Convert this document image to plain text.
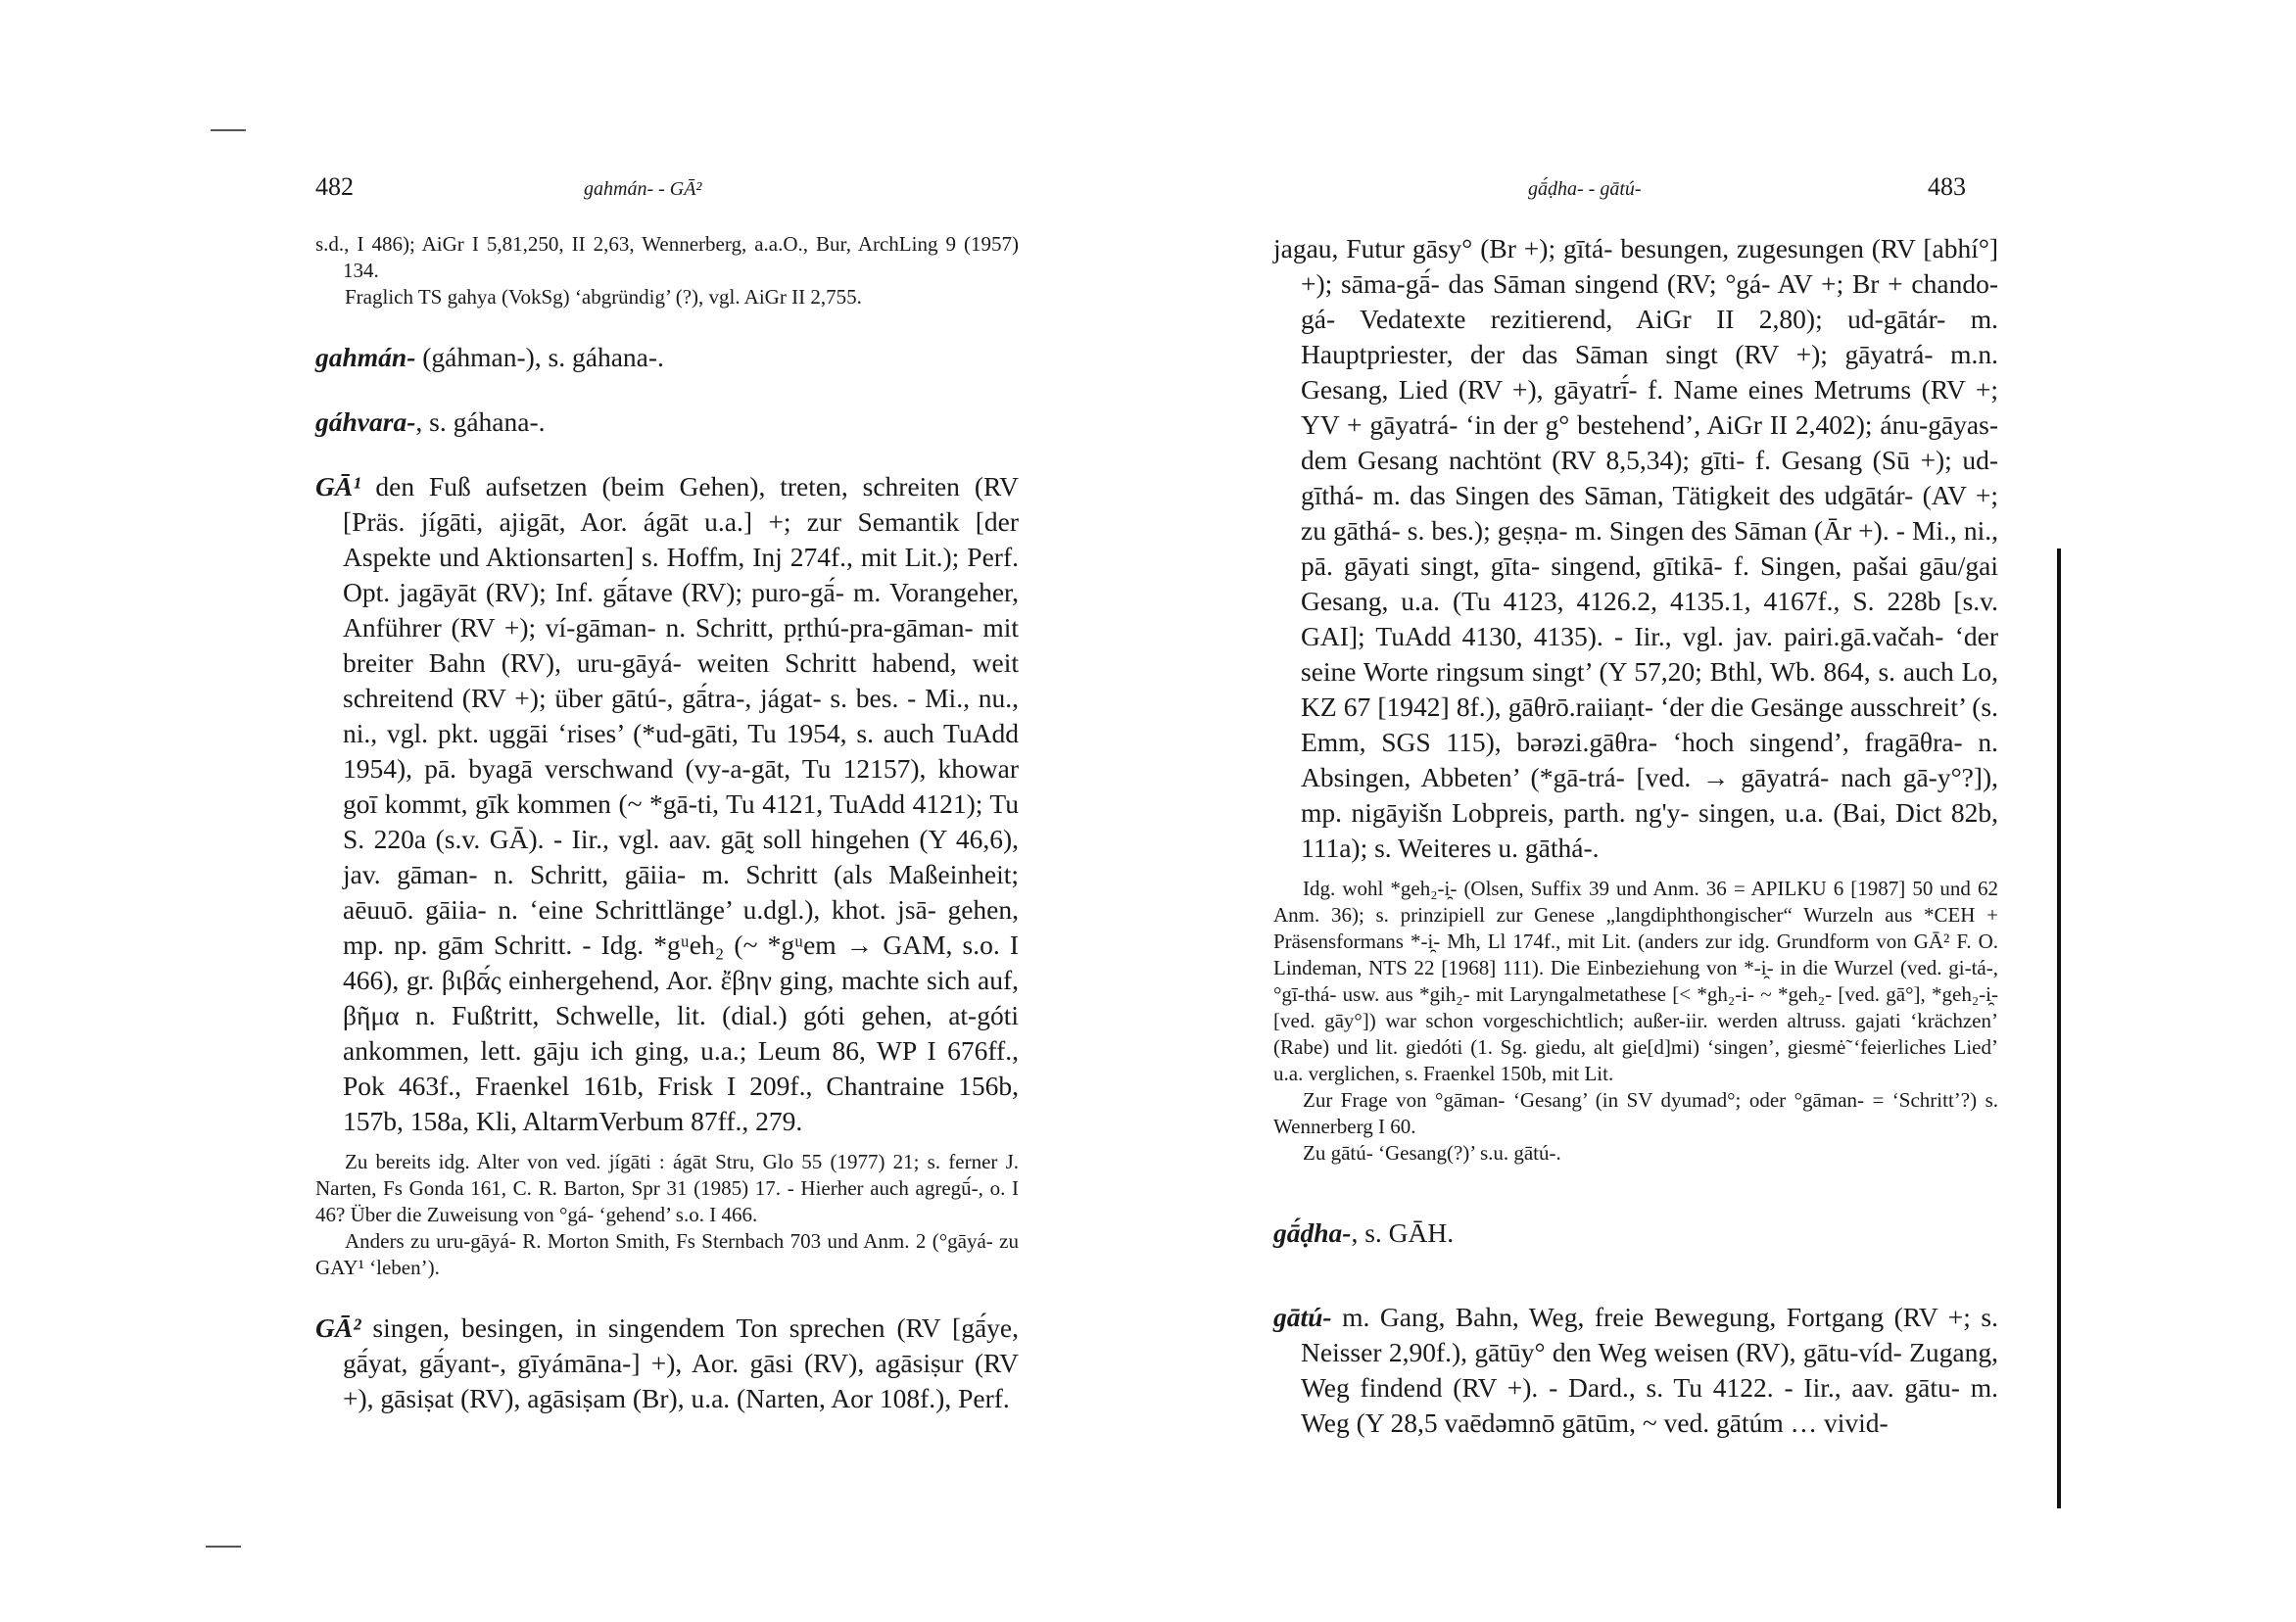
482	gahmán- - GĀ²

s.d., I 486); AiGr I 5,81,250, II 2,63, Wennerberg, a.a.O., Bur, ArchLing 9 (1957) 134.

Fraglich TS gahya (VokSg) ‘abgründig’ (?), vgl. AiGr II 2,755.

gahmán- (gáhman-), s. gáhana-.

gáhvara-, s. gáhana-.

GĀ¹ den Fuß aufsetzen (beim Gehen), treten, schreiten (RV [Präs. jígāti, ajigāt, Aor. ágāt u.a.] +; zur Semantik [der Aspekte und Aktionsarten] s. Hoffm, Inj 274f., mit Lit.); Perf. Opt. jagāyāt (RV); Inf. gā́tave (RV); puro-gā́- m. Vorangeher, Anführer (RV +); ví-gāman- n. Schritt, pṛthú-pra-gāman- mit breiter Bahn (RV), uru-gāyá- weiten Schritt habend, weit schreitend (RV +); über gātú-, gā́tra-, jágat- s. bes. - Mi., nu., ni., vgl. pkt. uggāi ‘rises’ (*ud-gāti, Tu 1954, s. auch TuAdd 1954), pā. byagā verschwand (vy-a-gāt, Tu 12157), khowar goī kommt, gīk kommen (~ *gā-ti, Tu 4121, TuAdd 4121); Tu S. 220a (s.v. GĀ). - Iir., vgl. aav. gāt̰ soll hingehen (Y 46,6), jav. gāman- n. Schritt, gāiia- m. Schritt (als Maßeinheit; aēuuō. gāiia- n. ‘eine Schrittlänge’ u.dgl.), khot. jsā- gehen, mp. np. gām Schritt. - Idg. *gᵘeh₂ (~ *gᵘem → GAM, s.o. I 466), gr. βιβᾱ́ς einhergehend, Aor. ἔβην ging, machte sich auf, βῆμα n. Fußtritt, Schwelle, lit. (dial.) góti gehen, at-góti ankommen, lett. gāju ich ging, u.a.; Leum 86, WP I 676ff., Pok 463f., Fraenkel 161b, Frisk I 209f., Chantraine 156b, 157b, 158a, Kli, AltarmVerbum 87ff., 279.

Zu bereits idg. Alter von ved. jígāti : ágāt Stru, Glo 55 (1977) 21; s. ferner J. Narten, Fs Gonda 161, C. R. Barton, Spr 31 (1985) 17. - Hierher auch agregū́-, o. I 46? Über die Zuweisung von °gá- ‘gehend’ s.o. I 466.

Anders zu uru-gāyá- R. Morton Smith, Fs Sternbach 703 und Anm. 2 (°gāyá- zu GAY¹ ‘leben’).

GĀ² singen, besingen, in singendem Ton sprechen (RV [gā́ye, gā́yat, gā́yant-, gīyámāna-] +), Aor. gāsi (RV), agāsiṣur (RV +), gāsiṣat (RV), agāsiṣam (Br), u.a. (Narten, Aor 108f.), Perf.

gā́ḍha- - gātú-	483

jagau, Futur gāsy° (Br +); gītá- besungen, zugesungen (RV [abhí°] +); sāma-gā́- das Sāman singend (RV; °gá- AV +; Br + chando-gá- Vedatexte rezitierend, AiGr II 2,80); ud-gātár- m. Hauptpriester, der das Sāman singt (RV +); gāyatrá- m.n. Gesang, Lied (RV +), gāyatrī́- f. Name eines Metrums (RV +; YV + gāyatrá- ‘in der g° bestehend’, AiGr II 2,402); ánu-gāyas- dem Gesang nachtönt (RV 8,5,34); gīti- f. Gesang (Sū +); ud-gīthá- m. das Singen des Sāman, Tätigkeit des udgātár- (AV +; zu gāthá- s. bes.); geṣṇa- m. Singen des Sāman (Ār +). - Mi., ni., pā. gāyati singt, gīta- singend, gītikā- f. Singen, pašai gāu/gai Gesang, u.a. (Tu 4123, 4126.2, 4135.1, 4167f., S. 228b [s.v. GAI]; TuAdd 4130, 4135). - Iir., vgl. jav. pairi.gā.vačah- ‘der seine Worte ringsum singt’ (Y 57,20; Bthl, Wb. 864, s. auch Lo, KZ 67 [1942] 8f.), gāθrō.raiiaṇt- ‘der die Gesänge ausschreit’ (s. Emm, SGS 115), bərəzi.gāθra- ‘hoch singend’, fragāθra- n. Absingen, Abbeten’ (*gā-trá- [ved. → gāyatrá- nach gā-y°?]), mp. nigāyišn Lobpreis, parth. ng'y- singen, u.a. (Bai, Dict 82b, 111a); s. Weiteres u. gāthá-.

Idg. wohl *geh₂-i̯- (Olsen, Suffix 39 und Anm. 36 = APILKU 6 [1987] 50 und 62 Anm. 36); s. prinzipiell zur Genese „langdiphthongischer“ Wurzeln aus *CEH + Präsensformans *-i̯- Mh, Ll 174f., mit Lit. (anders zur idg. Grundform von GĀ² F. O. Lindeman, NTS 22 [1968] 111). Die Einbeziehung von *-i̯- in die Wurzel (ved. gi-tá-, °gī-thá- usw. aus *gih₂- mit Laryngalmetathese [< *gh₂-i- ~ *geh₂- [ved. gā°], *geh₂-i̯- [ved. gāy°]) war schon vorgeschichtlich; außer-iir. werden altruss. gajati ‘krächzen’ (Rabe) und lit. giedóti (1. Sg. giedu, alt gie[d]mi) ‘singen’, giesmė̃ ‘feierliches Lied’ u.a. verglichen, s. Fraenkel 150b, mit Lit.

Zur Frage von °gāman- ‘Gesang’ (in SV dyumad°; oder °gāman- = ‘Schritt’?) s. Wennerberg I 60.

Zu gātú- ‘Gesang(?)’ s.u. gātú-.

gā́ḍha-, s. GĀH.

gātú- m. Gang, Bahn, Weg, freie Bewegung, Fortgang (RV +; s. Neisser 2,90f.), gātūy° den Weg weisen (RV), gātu-víd- Zugang, Weg findend (RV +). - Dard., s. Tu 4122. - Iir., aav. gātu- m. Weg (Y 28,5 vaēdəmnō gātūm, ~ ved. gātúm … vivid-
